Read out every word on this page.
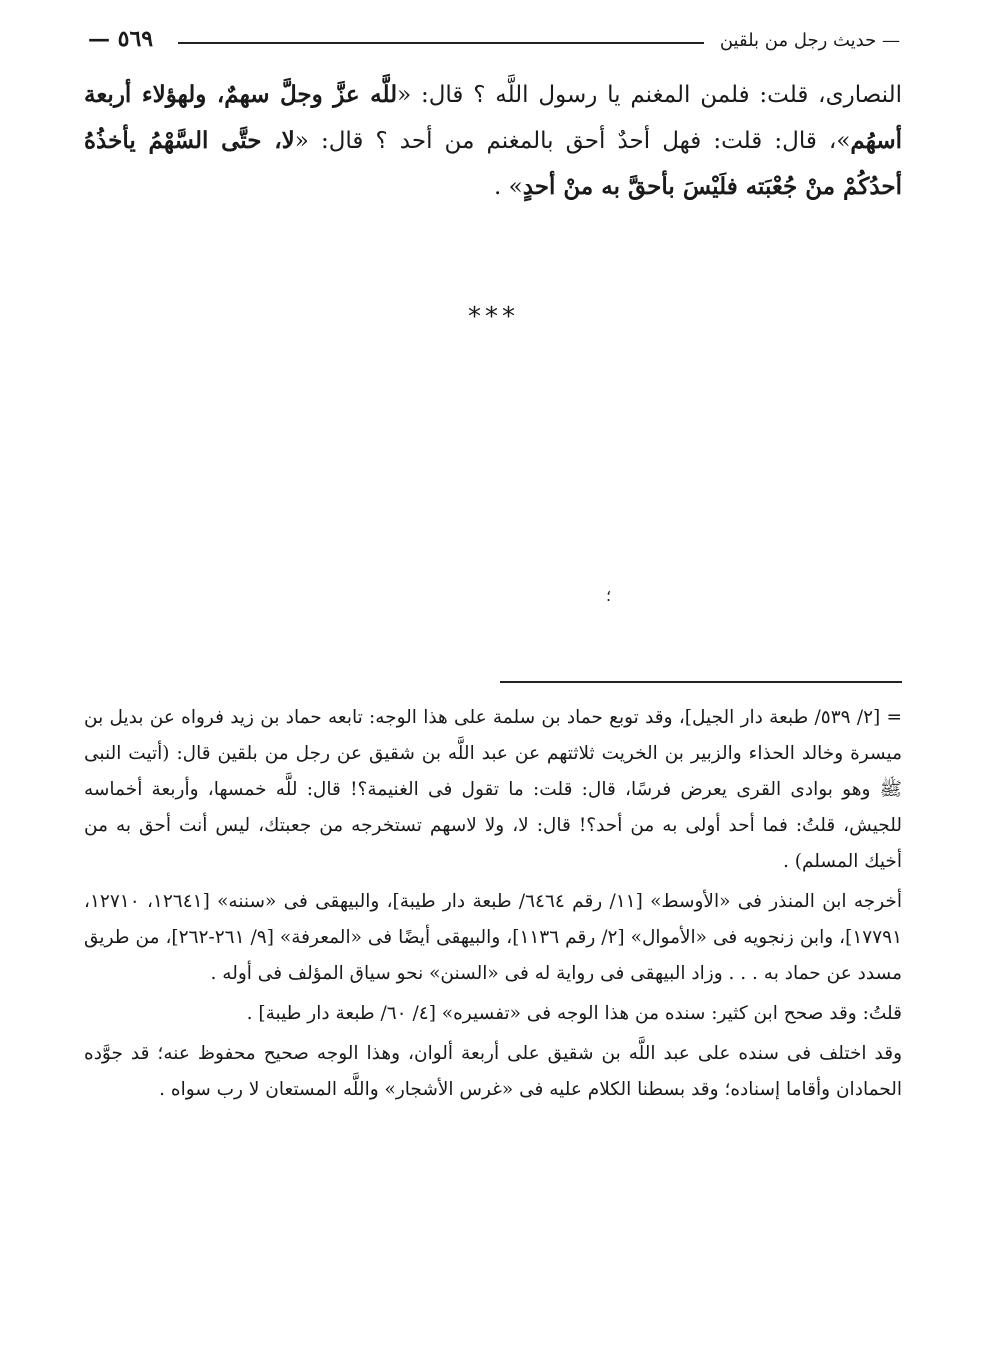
— حديث رجل من بلقين
٥٦٩ —
النصارى، قلت: فلمن المغنم يا رسول اللَّه ؟ قال: «للَّه عزَّ وجلَّ سهمٌ، ولهؤلاء أربعة أسهُم»، قال: قلت: فهل أحدٌ أحق بالمغنم من أحد ؟ قال: «لا، حتَّى السَّهْمُ يأخذُهُ أحدُكُمْ منْ جُعْبَته فلَيْسَ بأحقَّ به منْ أحدٍ» .
***
؛

= [٢/ ٥٣٩/ طبعة دار الجيل]، وقد توبع حماد بن سلمة على هذا الوجه: تابعه حماد بن زيد فرواه عن بديل بن ميسرة وخالد الحذاء والزبير بن الخريت ثلاثتهم عن عبد اللَّه بن شقيق عن رجل من بلقين قال: (أتيت النبى ﷺ وهو بوادى القرى يعرض فرسًا، قال: قلت: ما تقول فى الغنيمة؟! قال: للَّه خمسها، وأربعة أخماسه للجيش، قلتُ: فما أحد أولى به من أحد؟! قال: لا، ولا لاسهم تستخرجه من جعبتك، ليس أنت أحق به من أخيك المسلم) .

أخرجه ابن المنذر فى «الأوسط» [١١/ رقم ٦٤٦٤/ طبعة دار طيبة]، والبيهقى فى «سننه» [١٢٦٤١، ١٢٧١٠، ١٧٧٩١]، وابن زنجويه فى «الأموال» [٢/ رقم ١١٣٦]، والبيهقى أيضًا فى «المعرفة» [٩/ ٢٦١-٢٦٢]، من طريق مسدد عن حماد به . . . وزاد البيهقى فى رواية له فى «السنن» نحو سياق المؤلف فى أوله .

قلتُ: وقد صحح ابن كثير: سنده من هذا الوجه فى «تفسيره» [٤/ ٦٠/ طبعة دار طيبة] .

وقد اختلف فى سنده على عبد اللَّه بن شقيق على أربعة ألوان، وهذا الوجه صحيح محفوظ عنه؛ قد جوَّده الحمادان وأقاما إسناده؛ وقد بسطنا الكلام عليه فى «غرس الأشجار» واللَّه المستعان لا رب سواه .
